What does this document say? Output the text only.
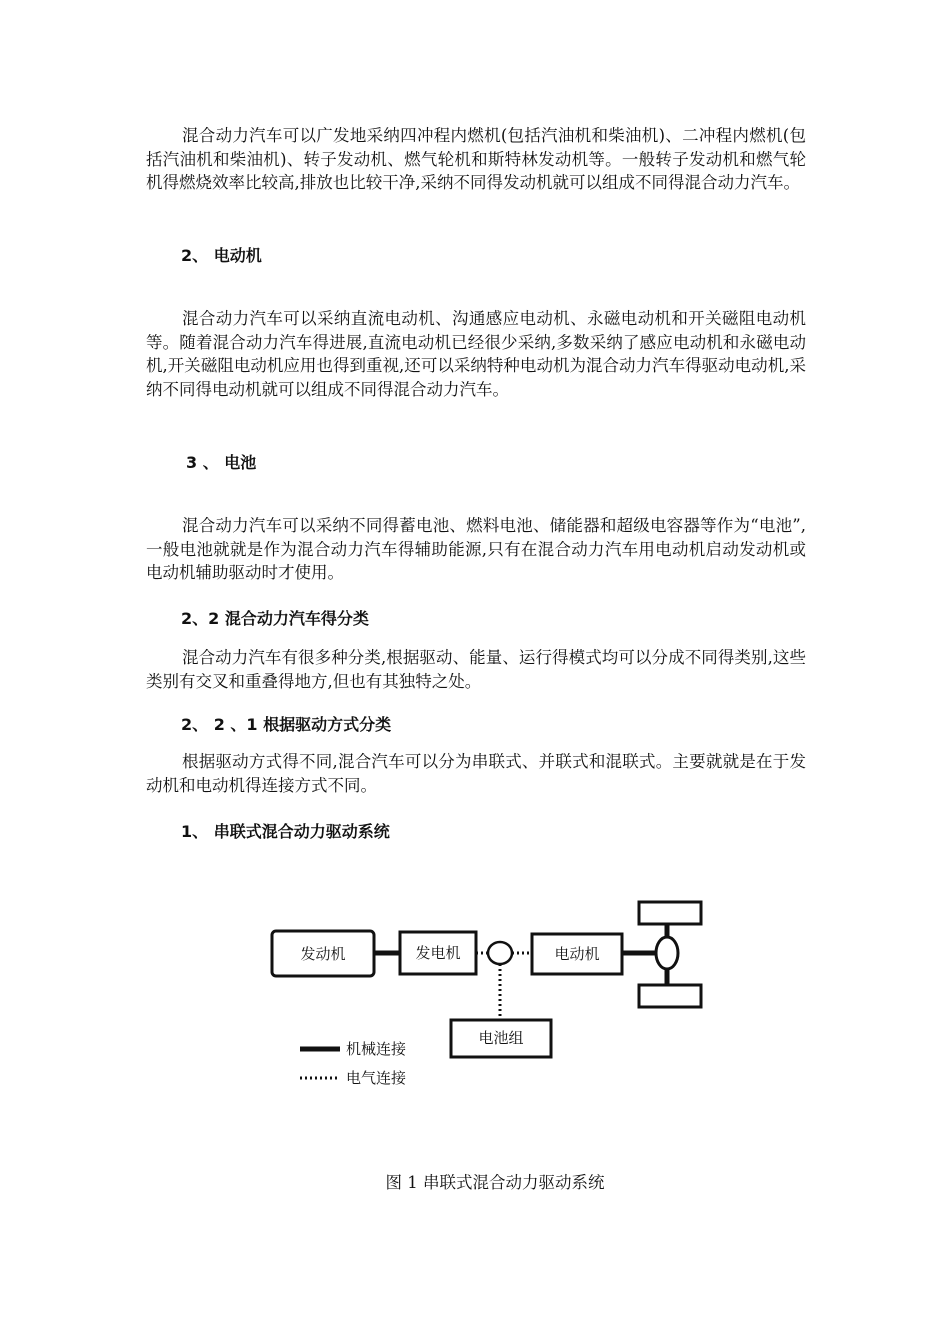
混合动力汽车可以广发地采纳四冲程内燃机(包括汽油机和柴油机)、二冲程内燃机(包括汽油机和柴油机)、转子发动机、燃气轮机和斯特林发动机等。一般转子发动机和燃气轮机得燃烧效率比较高,排放也比较干净,采纳不同得发动机就可以组成不同得混合动力汽车。

2、 电动机

混合动力汽车可以采纳直流电动机、沟通感应电动机、永磁电动机和开关磁阻电动机等。随着混合动力汽车得进展,直流电动机已经很少采纳,多数采纳了感应电动机和永磁电动机,开关磁阻电动机应用也得到重视,还可以采纳特种电动机为混合动力汽车得驱动电动机,采纳不同得电动机就可以组成不同得混合动力汽车。

3 、 电池

混合动力汽车可以采纳不同得蓄电池、燃料电池、储能器和超级电容器等作为“电池”,一般电池就就是作为混合动力汽车得辅助能源,只有在混合动力汽车用电动机启动发动机或电动机辅助驱动时才使用。

2、2 混合动力汽车得分类

混合动力汽车有很多种分类,根据驱动、能量、运行得模式均可以分成不同得类别,这些类别有交叉和重叠得地方,但也有其独特之处。

2、 2 、1 根据驱动方式分类

根据驱动方式得不同,混合汽车可以分为串联式、并联式和混联式。主要就就是在于发动机和电动机得连接方式不同。

1、 串联式混合动力驱动系统

发动机	发电机	电动机
电池组
机械连接
电气连接

图 1 串联式混合动力驱动系统
